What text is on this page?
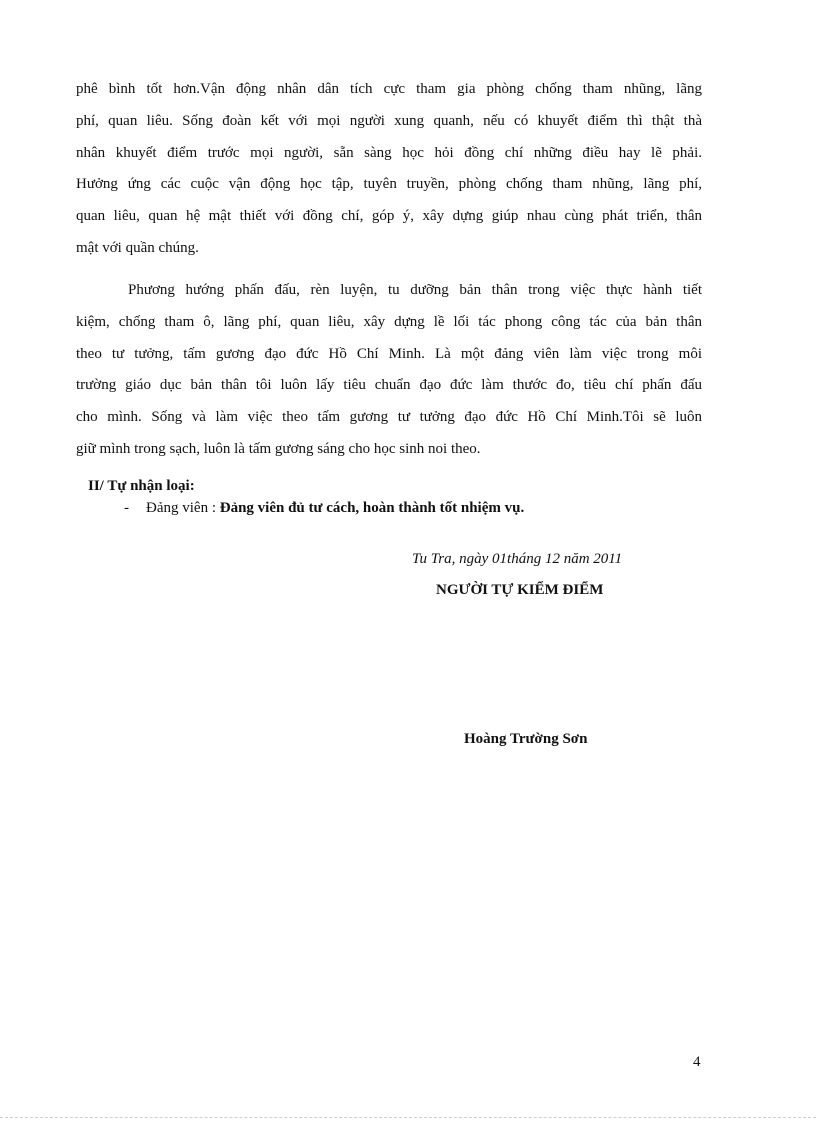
phê bình tốt hơn.Vận động nhân dân tích cực tham gia phòng chống tham nhũng, lãng
phí, quan liêu. Sống đoàn kết với mọi người xung quanh, nếu có khuyết điểm thì thật thà
nhân khuyết điểm trước mọi người, sẵn sàng học hỏi đồng chí những điều hay lẽ phải.
Hưởng ứng các cuộc vận động học tập, tuyên truyền, phòng chống tham nhũng, lãng phí,
quan liêu, quan hệ mật thiết với đồng chí, góp ý, xây dựng giúp nhau cùng phát triển, thân
mật với quần chúng.
Phương hướng phấn đấu, rèn luyện, tu dưỡng bản thân trong việc thực hành tiết
kiệm, chống tham ô, lãng phí, quan liêu, xây dựng lề lối tác phong công tác của bản thân
theo tư tưởng, tấm gương đạo đức Hồ Chí Minh. Là một đảng viên làm việc trong môi
trường giáo dục bản thân tôi luôn lấy tiêu chuẩn đạo đức làm thước đo, tiêu chí phấn đấu
cho mình. Sống và làm việc theo tấm gương tư tưởng đạo đức Hồ Chí Minh.Tôi sẽ luôn
giữ mình trong sạch, luôn là tấm gương sáng cho học sinh noi theo.

II/ Tự nhận loại:

- Đảng viên : Đảng viên đủ tư cách, hoàn thành tốt nhiệm vụ.
Tu Tra, ngày 01tháng 12 năm 2011
NGƯỜI TỰ KIỂM ĐIỂM
Hoàng Trường Sơn
4
